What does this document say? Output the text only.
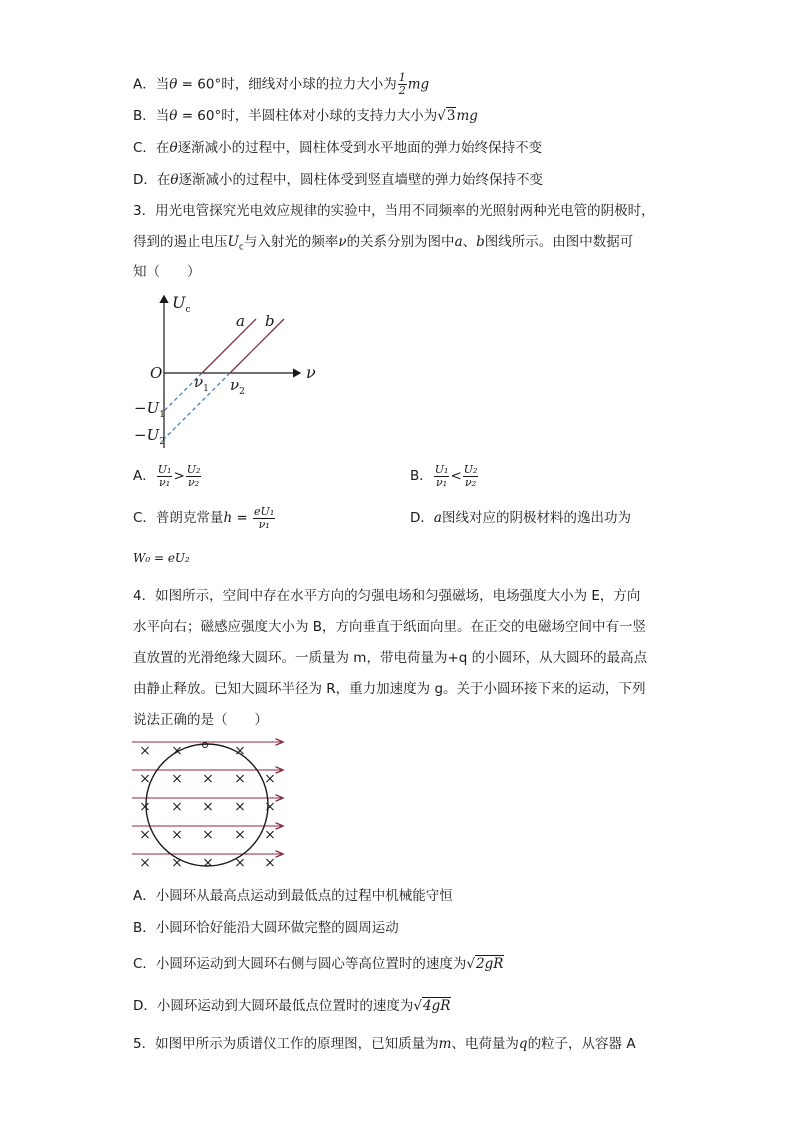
A．当θ = 60°时，细线对小球的拉力大小为 $\frac{1}{2}$ mg
B．当θ = 60°时，半圆柱体对小球的支持力大小为√3mg
C．在θ逐渐减小的过程中，圆柱体受到水平地面的弹力始终保持不变
D．在θ逐渐减小的过程中，圆柱体受到竖直墙壁的弹力始终保持不变
3．用光电管探究光电效应规律的实验中，当用不同频率的光照射两种光电管的阴极时，
得到的遏止电压$U_c$与入射光的频率ν的关系分别为图中a、b图线所示。由图中数据可
知（　　）
$U_c$
ν
O
a b
$\nu_1$ $\nu_2$
$-U_1$
$-U_2$
A． $\frac{\text{U₁}}{\text{ν₁}} > \frac{\text{U₂}}{\text{ν₂}}$	B． $\frac{\text{U₁}}{\text{ν₁}} < \frac{\text{U₂}}{\text{ν₂}}$
C．普朗克常量$h = \frac{\text{eU₁}}{\text{ν₁}}$	D．a图线对应的阴极材料的逸出功为
W₀ = eU₂
4．如图所示，空间中存在水平方向的匀强电场和匀强磁场，电场强度大小为 E，方向
水平向右；磁感应强度大小为 B，方向垂直于纸面向里。在正交的电磁场空间中有一竖
直放置的光滑绝缘大圆环。一质量为 m，带电荷量为+q 的小圆环，从大圆环的最高点
由静止释放。已知大圆环半径为 R，重力加速度为 g。关于小圆环接下来的运动，下列
说法正确的是（　　）
× ×	×
× × × × ×
× × × × ×
× × × × ×
× × × × ×
A．小圆环从最高点运动到最低点的过程中机械能守恒
B．小圆环恰好能沿大圆环做完整的圆周运动
C．小圆环运动到大圆环右侧与圆心等高位置时的速度为√2gR
D．小圆环运动到大圆环最低点位置时的速度为√4gR
5．如图甲所示为质谱仪工作的原理图，已知质量为m、电荷量为q的粒子，从容器 A
